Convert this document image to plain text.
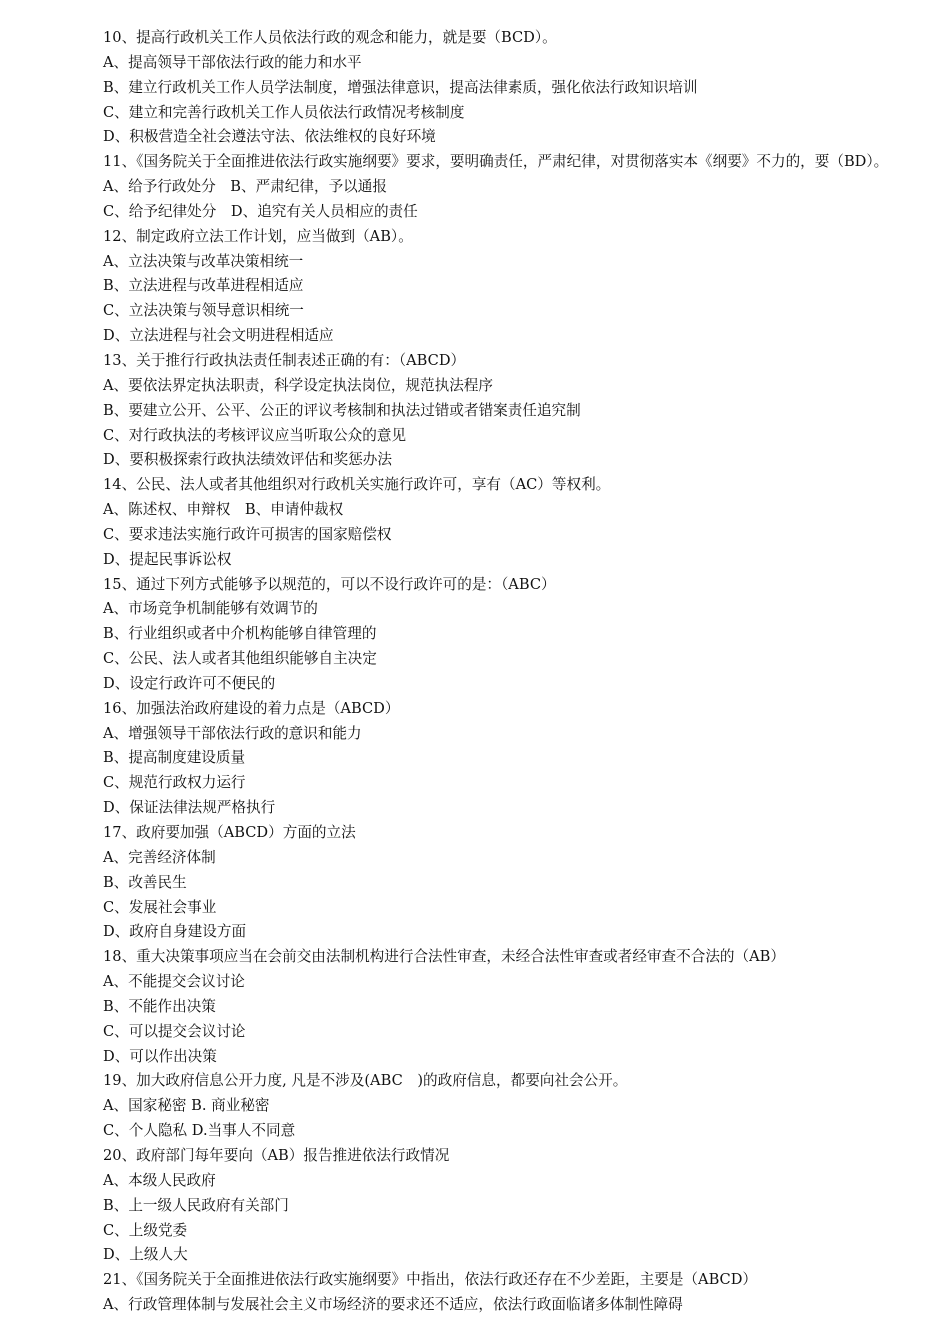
10、提高行政机关工作人员依法行政的观念和能力，就是要（BCD）。
A、提高领导干部依法行政的能力和水平
B、建立行政机关工作人员学法制度，增强法律意识，提高法律素质，强化依法行政知识培训
C、建立和完善行政机关工作人员依法行政情况考核制度
D、积极营造全社会遵法守法、依法维权的良好环境
11、《国务院关于全面推进依法行政实施纲要》要求，要明确责任，严肃纪律，对贯彻落实本《纲要》不力的，要（BD）。
A、给予行政处分　B、严肃纪律，予以通报
C、给予纪律处分　D、追究有关人员相应的责任
12、制定政府立法工作计划，应当做到（AB）。
A、立法决策与改革决策相统一
B、立法进程与改革进程相适应
C、立法决策与领导意识相统一
D、立法进程与社会文明进程相适应
13、关于推行行政执法责任制表述正确的有：（ABCD）
A、要依法界定执法职责，科学设定执法岗位，规范执法程序
B、要建立公开、公平、公正的评议考核制和执法过错或者错案责任追究制
C、对行政执法的考核评议应当听取公众的意见
D、要积极探索行政执法绩效评估和奖惩办法
14、公民、法人或者其他组织对行政机关实施行政许可，享有（AC）等权利。
A、陈述权、申辩权　B、申请仲裁权
C、要求违法实施行政许可损害的国家赔偿权
D、提起民事诉讼权
15、通过下列方式能够予以规范的，可以不设行政许可的是：（ABC）
A、市场竞争机制能够有效调节的
B、行业组织或者中介机构能够自律管理的
C、公民、法人或者其他组织能够自主决定
D、设定行政许可不便民的
16、加强法治政府建设的着力点是（ABCD）
A、增强领导干部依法行政的意识和能力
B、提高制度建设质量
C、规范行政权力运行
D、保证法律法规严格执行
17、政府要加强（ABCD）方面的立法
A、完善经济体制
B、改善民生
C、发展社会事业
D、政府自身建设方面
18、重大决策事项应当在会前交由法制机构进行合法性审查，未经合法性审查或者经审查不合法的（AB）
A、不能提交会议讨论
B、不能作出决策
C、可以提交会议讨论
D、可以作出决策
19、加大政府信息公开力度, 凡是不涉及(ABC　)的政府信息，都要向社会公开。
A、国家秘密 B. 商业秘密
C、个人隐私 D.当事人不同意
20、政府部门每年要向（AB）报告推进依法行政情况
A、本级人民政府
B、上一级人民政府有关部门
C、上级党委
D、上级人大
21、《国务院关于全面推进依法行政实施纲要》中指出，依法行政还存在不少差距，主要是（ABCD）
A、行政管理体制与发展社会主义市场经济的要求还不适应，依法行政面临诸多体制性障碍
